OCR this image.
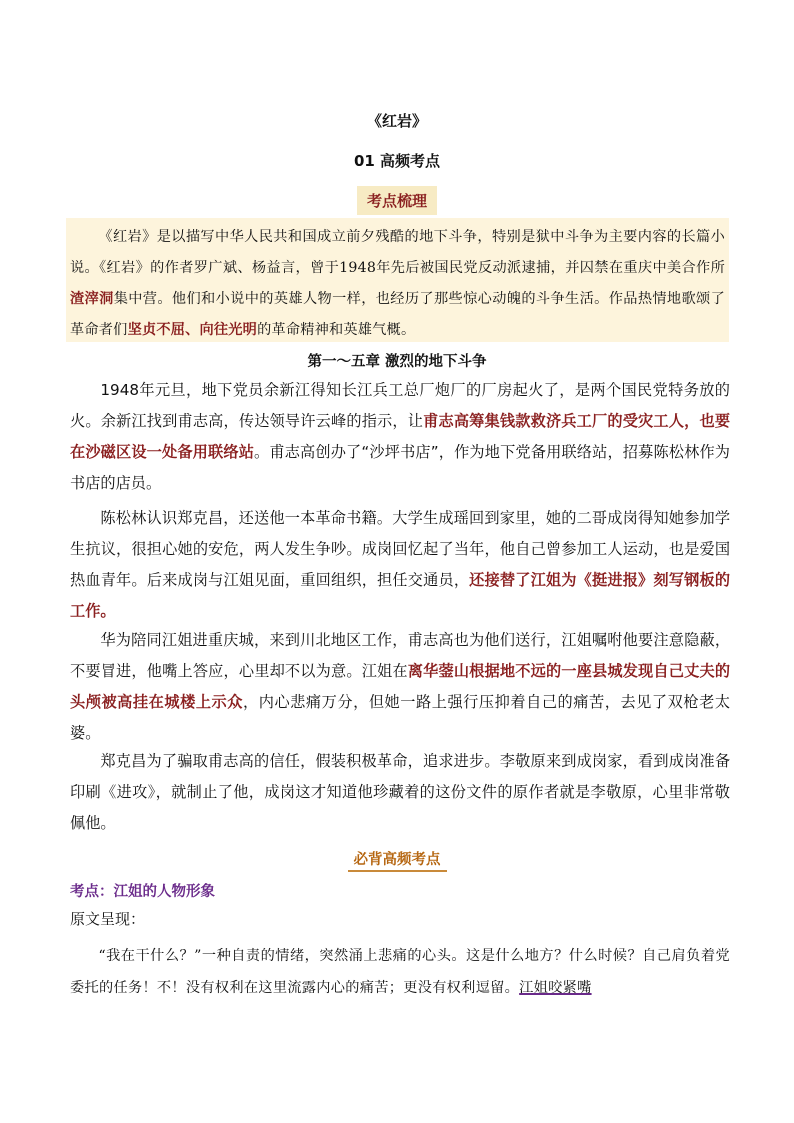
《红岩》
01 高频考点
考点梳理
《红岩》是以描写中华人民共和国成立前夕残酷的地下斗争，特别是狱中斗争为主要内容的长篇小说。《红岩》的作者罗广斌、杨益言，曾于1948年先后被国民党反动派逮捕，并囚禁在重庆中美合作所渣滓洞集中营。他们和小说中的英雄人物一样，也经历了那些惊心动魄的斗争生活。作品热情地歌颂了革命者们坚贞不屈、向往光明的革命精神和英雄气概。
第一～五章 激烈的地下斗争

1948年元旦，地下党员余新江得知长江兵工总厂炮厂的厂房起火了，是两个国民党特务放的火。余新江找到甫志高，传达领导许云峰的指示，让甫志高筹集钱款救济兵工厂的受灾工人，也要在沙磁区设一处备用联络站。甫志高创办了“沙坪书店”，作为地下党备用联络站，招募陈松林作为书店的店员。

陈松林认识郑克昌，还送他一本革命书籍。大学生成瑶回到家里，她的二哥成岗得知她参加学生抗议，很担心她的安危，两人发生争吵。成岗回忆起了当年，他自己曾参加工人运动，也是爱国热血青年。后来成岗与江姐见面，重回组织，担任交通员，还接替了江姐为《挺进报》刻写钢板的工作。

华为陪同江姐进重庆城，来到川北地区工作，甫志高也为他们送行，江姐嘱咐他要注意隐蔽，不要冒进，他嘴上答应，心里却不以为意。江姐在离华蓥山根据地不远的一座县城发现自己丈夫的头颅被高挂在城楼上示众，内心悲痛万分，但她一路上强行压抑着自己的痛苦，去见了双枪老太婆。

郑克昌为了骗取甫志高的信任，假装积极革命，追求进步。李敬原来到成岗家，看到成岗准备印刷《进攻》，就制止了他，成岗这才知道他珍藏着的这份文件的原作者就是李敬原，心里非常敬佩他。

必背高频考点
考点：江姐的人物形象
原文呈现：

“我在干什么？”一种自责的情绪，突然涌上悲痛的心头。这是什么地方？什么时候？自己肩负着党委托的任务！不！没有权利在这里流露内心的痛苦；更没有权利逗留。江姐咬紧嘴
